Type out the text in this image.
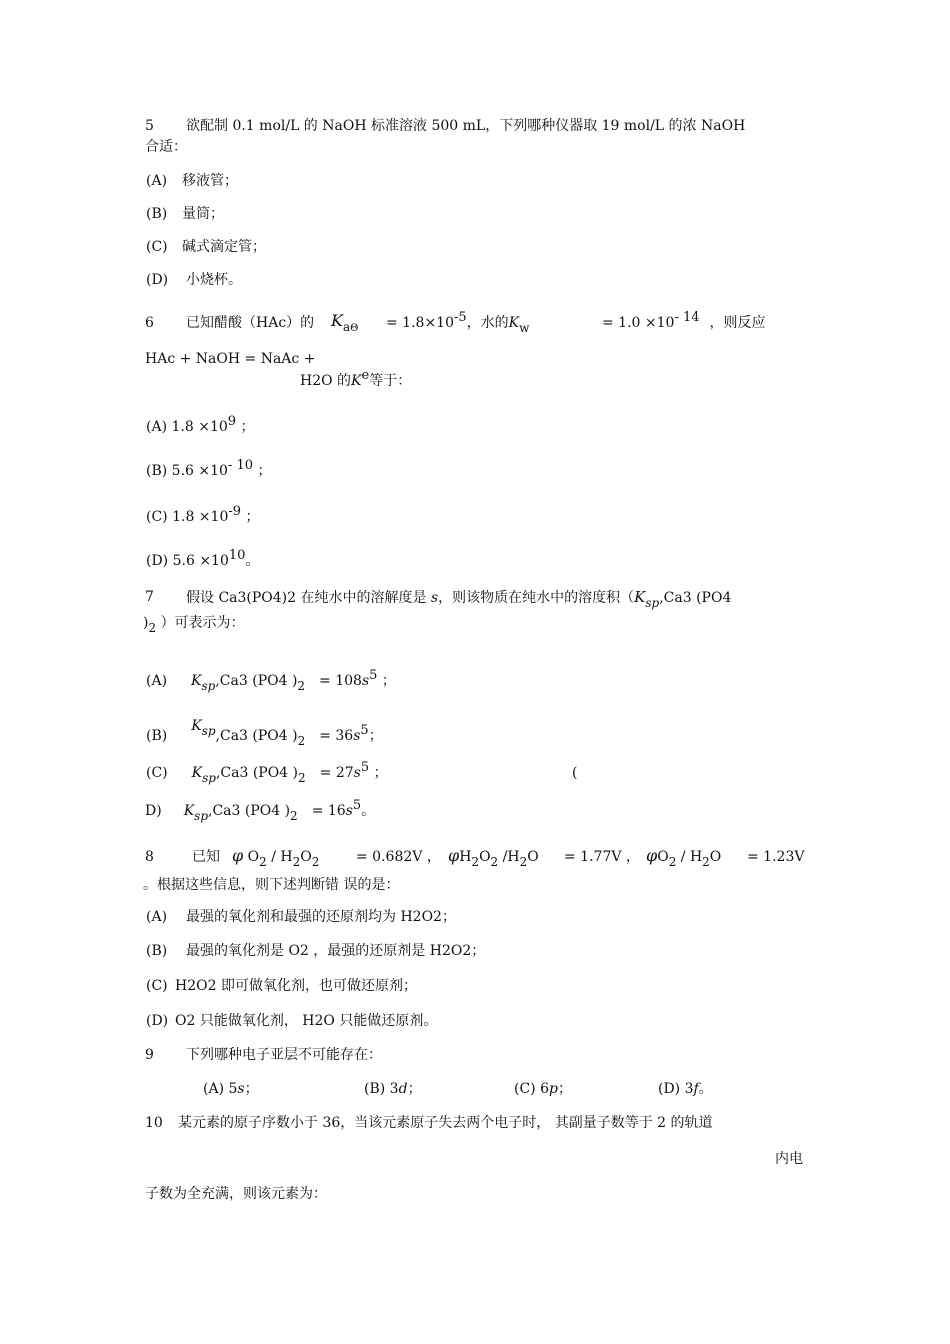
5 欲配制 0.1 mol/L 的 NaOH 标准溶液 500 mL，下列哪种仪器取 19 mol/L 的浓 NaOH
合适：
(A) 移液管；
(B) 量筒；
(C) 碱式滴定管；
(D) 小烧杯。
6 已知醋酸（HAc）的 $Ka_\Theta = 1.8\times 10-5$，水的Kw	= 1.0 ×10- 14 ，则反应
HAc + NaOH = NaAc +
H2O 的Ke等于：
(A) 1.8 ×109 ；
(B) 5.6 ×10- 10 ；
(C) 1.8 ×10-9 ；
(D) 5.6 ×1010。
7 假设 Ca3(PO4)2 在纯水中的溶解度是 s，则该物质在纯水中的溶度积（Ksp,Ca3 (PO4
)2 ）可表示为：
(A) Ksp,Ca3 (PO4 )2 = 108s5 ；
(B)Ksp,Ca3 (PO4 )2 = 36s5；
(C) Ksp,Ca3 (PO4 )2 = 27s5 ；	(
D) Ksp,Ca3 (PO4 )2 = 16s5。
8	已知 φ O2 / H2O2	= 0.682V ， φH2O2 /H2O = 1.77V ， φO2 / H2O = 1.23V
。根据这些信息，则下述判断错 误的是：
(A) 最强的氧化剂和最强的还原剂均为 H2O2；
(B) 最强的氧化剂是 O2 ，最强的还原剂是 H2O2；
(C) H2O2 即可做氧化剂，也可做还原剂；
(D) O2 只能做氧化剂， H2O 只能做还原剂。
9 下列哪种电子亚层不可能存在：
(A) 5s；	(B) 3d；	(C) 6p；	(D) 3f。
10 某元素的原子序数小于 36，当该元素原子失去两个电子时， 其副量子数等于 2 的轨道
内电
子数为全充满，则该元素为：
